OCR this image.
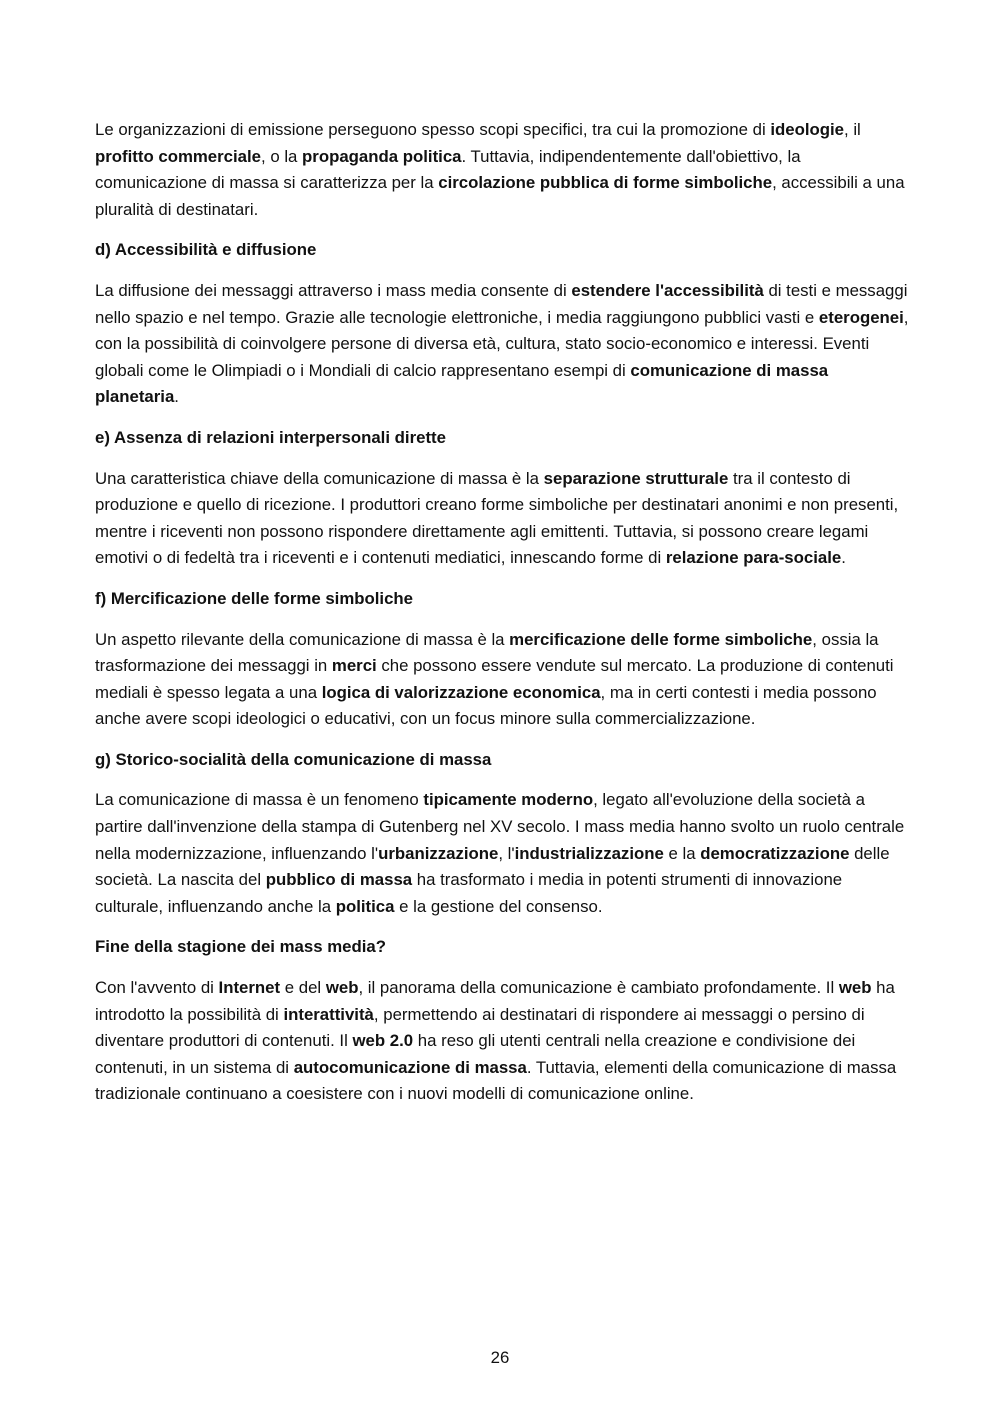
Le organizzazioni di emissione perseguono spesso scopi specifici, tra cui la promozione di ideologie, il profitto commerciale, o la propaganda politica. Tuttavia, indipendentemente dall'obiettivo, la comunicazione di massa si caratterizza per la circolazione pubblica di forme simboliche, accessibili a una pluralità di destinatari.

d) Accessibilità e diffusione

La diffusione dei messaggi attraverso i mass media consente di estendere l'accessibilità di testi e messaggi nello spazio e nel tempo. Grazie alle tecnologie elettroniche, i media raggiungono pubblici vasti e eterogenei, con la possibilità di coinvolgere persone di diversa età, cultura, stato socio-economico e interessi. Eventi globali come le Olimpiadi o i Mondiali di calcio rappresentano esempi di comunicazione di massa planetaria.

e) Assenza di relazioni interpersonali dirette

Una caratteristica chiave della comunicazione di massa è la separazione strutturale tra il contesto di produzione e quello di ricezione. I produttori creano forme simboliche per destinatari anonimi e non presenti, mentre i riceventi non possono rispondere direttamente agli emittenti. Tuttavia, si possono creare legami emotivi o di fedeltà tra i riceventi e i contenuti mediatici, innescando forme di relazione para-sociale.

f) Mercificazione delle forme simboliche

Un aspetto rilevante della comunicazione di massa è la mercificazione delle forme simboliche, ossia la trasformazione dei messaggi in merci che possono essere vendute sul mercato. La produzione di contenuti mediali è spesso legata a una logica di valorizzazione economica, ma in certi contesti i media possono anche avere scopi ideologici o educativi, con un focus minore sulla commercializzazione.

g) Storico-socialità della comunicazione di massa

La comunicazione di massa è un fenomeno tipicamente moderno, legato all'evoluzione della società a partire dall'invenzione della stampa di Gutenberg nel XV secolo. I mass media hanno svolto un ruolo centrale nella modernizzazione, influenzando l'urbanizzazione, l'industrializzazione e la democratizzazione delle società. La nascita del pubblico di massa ha trasformato i media in potenti strumenti di innovazione culturale, influenzando anche la politica e la gestione del consenso.

Fine della stagione dei mass media?

Con l'avvento di Internet e del web, il panorama della comunicazione è cambiato profondamente. Il web ha introdotto la possibilità di interattività, permettendo ai destinatari di rispondere ai messaggi o persino di diventare produttori di contenuti. Il web 2.0 ha reso gli utenti centrali nella creazione e condivisione dei contenuti, in un sistema di autocomunicazione di massa. Tuttavia, elementi della comunicazione di massa tradizionale continuano a coesistere con i nuovi modelli di comunicazione online.

26
